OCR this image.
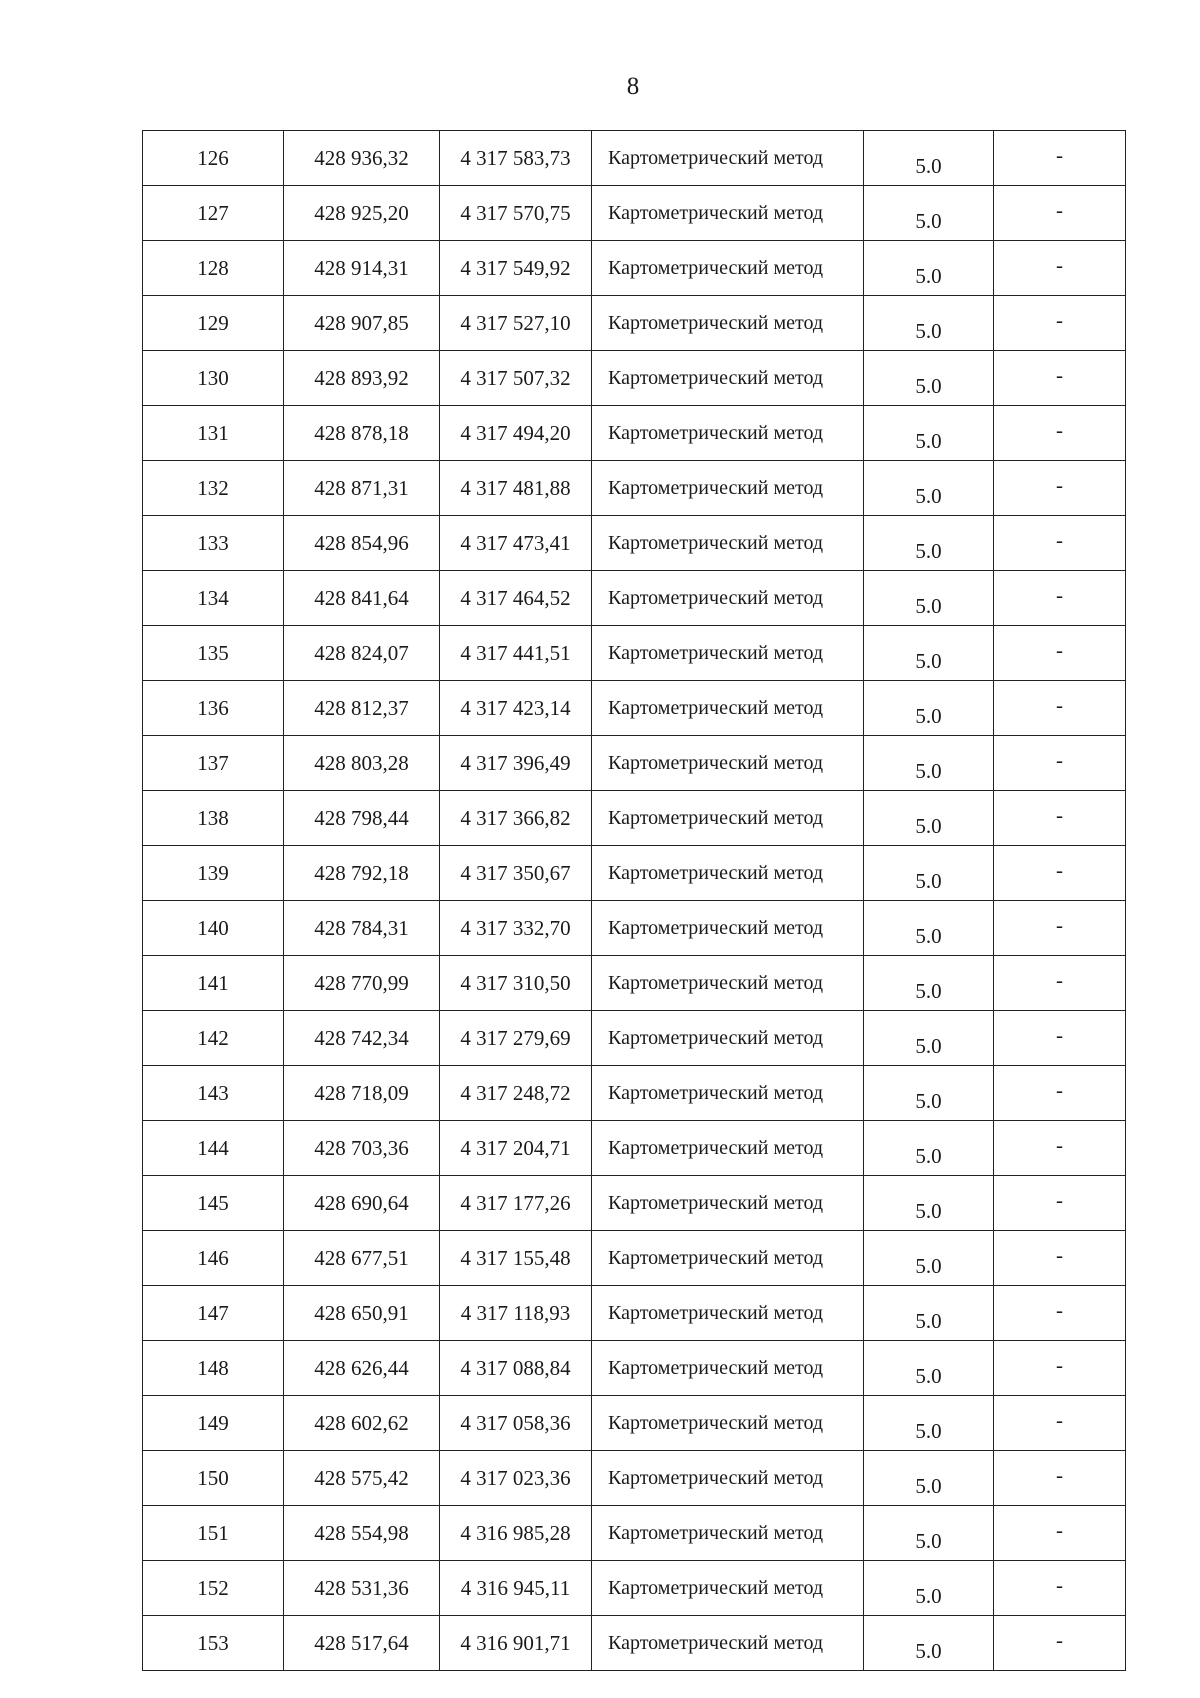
8
126	428 936,32	4 317 583,73	Картометрический метод	5.0	-
127	428 925,20	4 317 570,75	Картометрический метод	5.0	-
128	428 914,31	4 317 549,92	Картометрический метод	5.0	-
129	428 907,85	4 317 527,10	Картометрический метод	5.0	-
130	428 893,92	4 317 507,32	Картометрический метод	5.0	-
131	428 878,18	4 317 494,20	Картометрический метод	5.0	-
132	428 871,31	4 317 481,88	Картометрический метод	5.0	-
133	428 854,96	4 317 473,41	Картометрический метод	5.0	-
134	428 841,64	4 317 464,52	Картометрический метод	5.0	-
135	428 824,07	4 317 441,51	Картометрический метод	5.0	-
136	428 812,37	4 317 423,14	Картометрический метод	5.0	-
137	428 803,28	4 317 396,49	Картометрический метод	5.0	-
138	428 798,44	4 317 366,82	Картометрический метод	5.0	-
139	428 792,18	4 317 350,67	Картометрический метод	5.0	-
140	428 784,31	4 317 332,70	Картометрический метод	5.0	-
141	428 770,99	4 317 310,50	Картометрический метод	5.0	-
142	428 742,34	4 317 279,69	Картометрический метод	5.0	-
143	428 718,09	4 317 248,72	Картометрический метод	5.0	-
144	428 703,36	4 317 204,71	Картометрический метод	5.0	-
145	428 690,64	4 317 177,26	Картометрический метод	5.0	-
146	428 677,51	4 317 155,48	Картометрический метод	5.0	-
147	428 650,91	4 317 118,93	Картометрический метод	5.0	-
148	428 626,44	4 317 088,84	Картометрический метод	5.0	-
149	428 602,62	4 317 058,36	Картометрический метод	5.0	-
150	428 575,42	4 317 023,36	Картометрический метод	5.0	-
151	428 554,98	4 316 985,28	Картометрический метод	5.0	-
152	428 531,36	4 316 945,11	Картометрический метод	5.0	-
153	428 517,64	4 316 901,71	Картометрический метод	5.0	-
